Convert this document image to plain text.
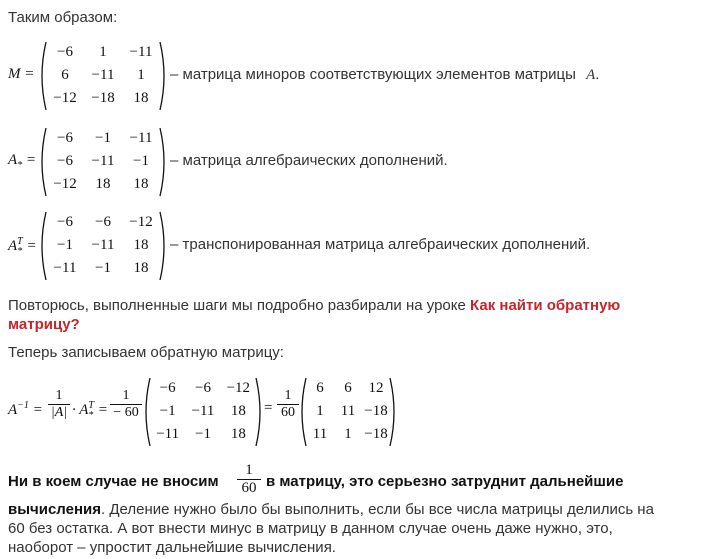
Таким образом:
M =
−6	1	−11
6	−11	1
−12 −18	18
– матрица миноров соответствующих элементов матрицы A.
$A_*$ =
−6	−1	−11
−6	−11	−1
−12	18	18
– матрица алгебраических дополнений.
$A_*^T$ =
−6	−6	−12
−1	−11	18
−11	−1	18
– транспонированная матрица алгебраических дополнений.
Повторюсь, выполненные шаги мы подробно разбирали на уроке Как найти обратную
матрицу?
Теперь записываем обратную матрицу:
$A^{-1} = \frac{1}{|A|} \cdot A_*^T = \frac{1}{- 60}$	−6	−6	−12
−1	−11	18
−11	−1	18
= $\frac{1}{60}$	6	6	12
1	11 −18
11	1 −18
Ни в коем случае не вносим $\frac{1}{60}$ в матрицу, это серьезно затруднит дальнейшие
вычисления. Деление нужно было бы выполнить, если бы все числа матрицы делились на
60 без остатка. А вот внести минус в матрицу в данном случае очень даже нужно, это,
наоборот – упростит дальнейшие вычисления.
